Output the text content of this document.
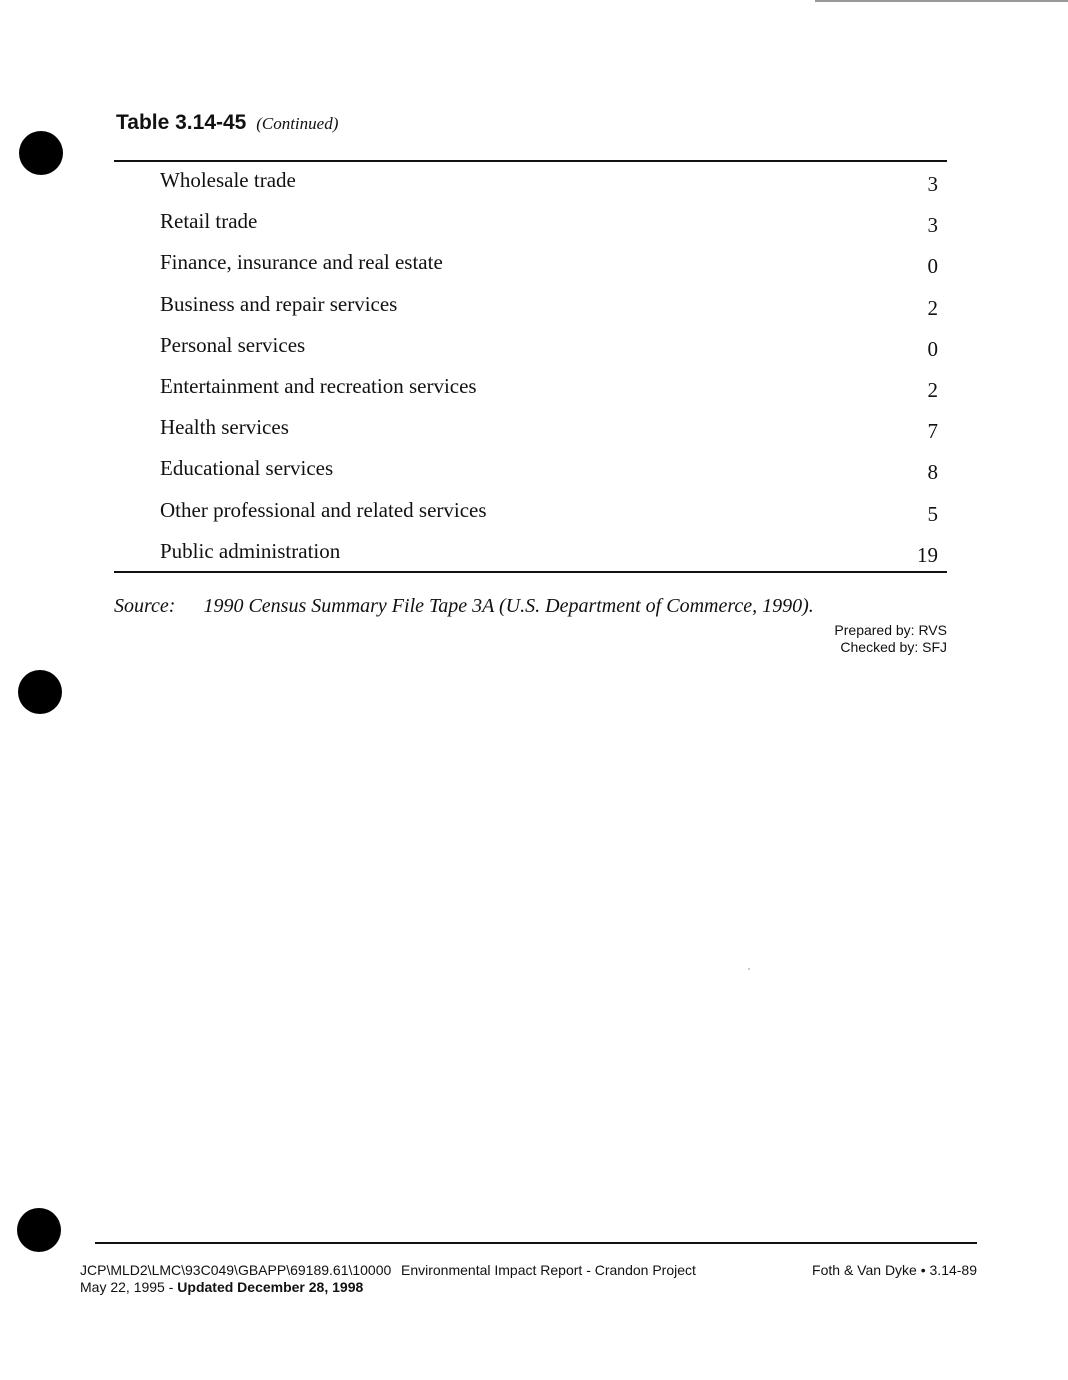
Table 3.14-45 (Continued)
Wholesale trade	3
Retail trade	3
Finance, insurance and real estate	0
Business and repair services	2
Personal services	0
Entertainment and recreation services	2
Health services	7
Educational services	8
Other professional and related services	5
Public administration	19
Source: 1990 Census Summary File Tape 3A (U.S. Department of Commerce, 1990).
Prepared by: RVS
Checked by: SFJ
JCP\MLD2\LMC\93C049\GBAPP\69189.61\10000
May 22, 1995 - Updated December 28, 1998
Environmental Impact Report - Crandon Project	Foth & Van Dyke • 3.14-89
